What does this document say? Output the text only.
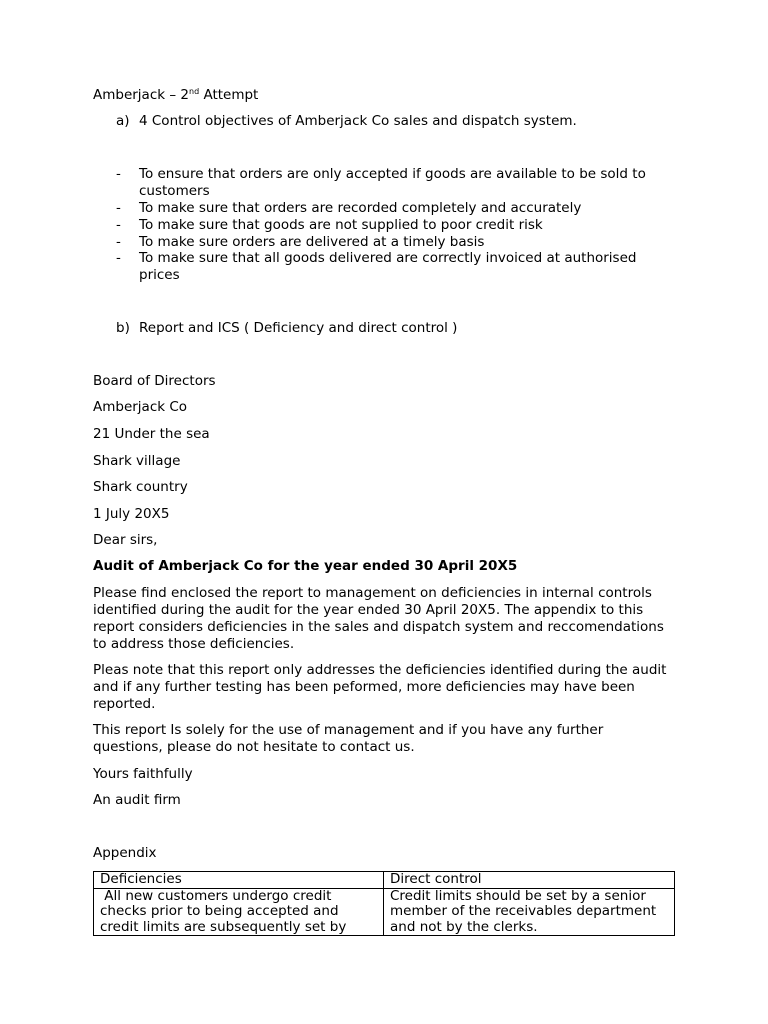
Amberjack – 2nd Attempt
a) 4 Control objectives of Amberjack Co sales and dispatch system.
- To ensure that orders are only accepted if goods are available to be sold to customers
- To make sure that orders are recorded completely and accurately
- To make sure that goods are not supplied to poor credit risk
- To make sure orders are delivered at a timely basis
- To make sure that all goods delivered are correctly invoiced at authorised prices
b) Report and ICS ( Deficiency and direct control )
Board of Directors
Amberjack Co
21 Under the sea
Shark village
Shark country
1 July 20X5
Dear sirs,
Audit of Amberjack Co for the year ended 30 April 20X5
Please find enclosed the report to management on deficiencies in internal controls identified during the audit for the year ended 30 April 20X5. The appendix to this report considers deficiencies in the sales and dispatch system and reccomendations to address those deficiencies.
Pleas note that this report only addresses the deficiencies identified during the audit and if any further testing has been peformed, more deficiencies may have been reported.
This report Is solely for the use of management and if you have any further questions, please do not hesitate to contact us.
Yours faithfully
An audit firm
Appendix
Deficiencies	Direct control
All new customers undergo credit checks prior to being accepted and credit limits are subsequently set by	Credit limits should be set by a senior member of the receivables department and not by the clerks.
